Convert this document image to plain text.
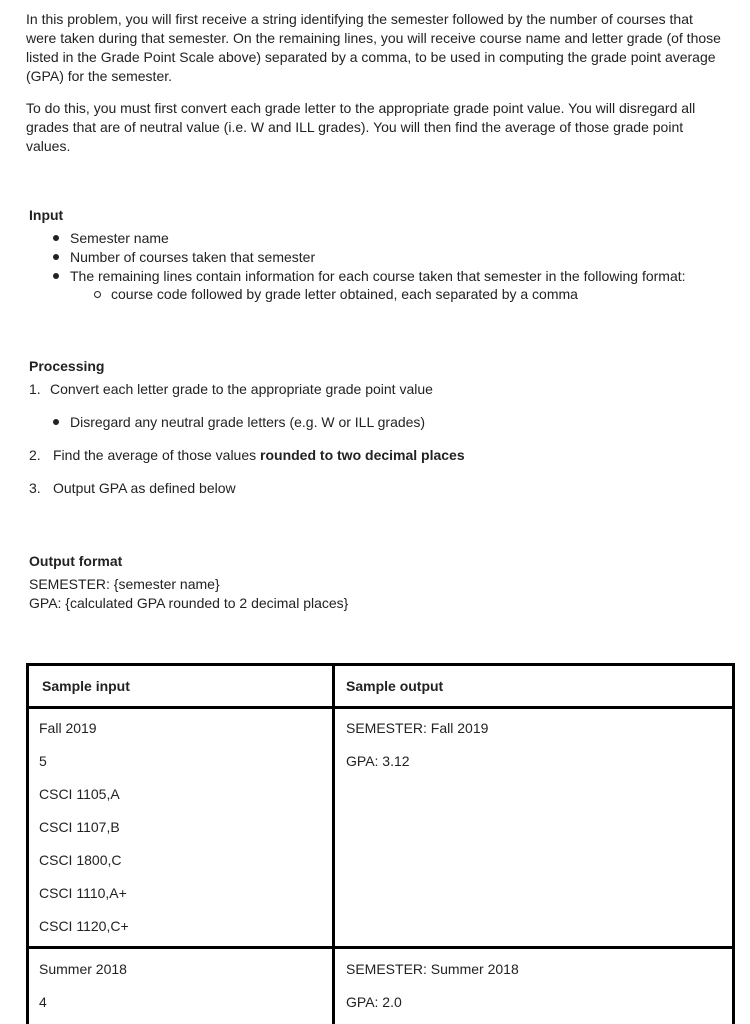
In this problem, you will first receive a string identifying the semester followed by the number of courses that were taken during that semester. On the remaining lines, you will receive course name and letter grade (of those listed in the Grade Point Scale above) separated by a comma, to be used in computing the grade point average (GPA) for the semester.

To do this, you must first convert each grade letter to the appropriate grade point value. You will disregard all grades that are of neutral value (i.e. W and ILL grades). You will then find the average of those grade point values.

Input

Semester name

Number of courses taken that semester

The remaining lines contain information for each course taken that semester in the following format:

course code followed by grade letter obtained, each separated by a comma

Processing

1. Convert each letter grade to the appropriate grade point value

Disregard any neutral grade letters (e.g. W or ILL grades)

2. Find the average of those values rounded to two decimal places

3. Output GPA as defined below

Output format

SEMESTER: {semester name}

GPA: {calculated GPA rounded to 2 decimal places}

Sample input	Sample output

Fall 2019

5

CSCI 1105,A

CSCI 1107,B

CSCI 1800,C

CSCI 1110,A+

CSCI 1120,C+

SEMESTER: Fall 2019

GPA: 3.12

Summer 2018

4

SEMESTER: Summer 2018

GPA: 2.0
